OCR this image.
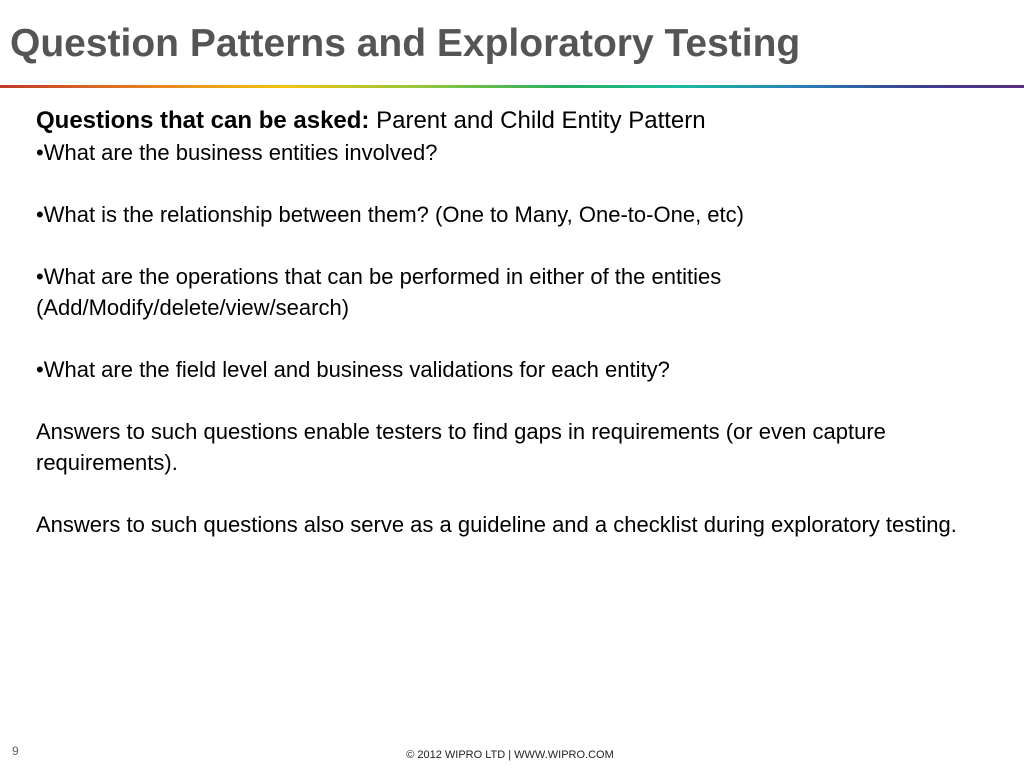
Question Patterns and Exploratory Testing

Questions that can be asked: Parent and Child Entity Pattern

•What are the business entities involved?

•What is the relationship between them? (One to Many, One-to-One, etc)

•What are the operations that can be performed in either of the entities (Add/Modify/delete/view/search)

•What are the field level and business validations for each entity?

Answers to such questions enable testers to find gaps in requirements (or even capture requirements).

Answers to such questions also serve as a guideline and a checklist during exploratory testing.

9	© 2012 WIPRO LTD | WWW.WIPRO.COM
